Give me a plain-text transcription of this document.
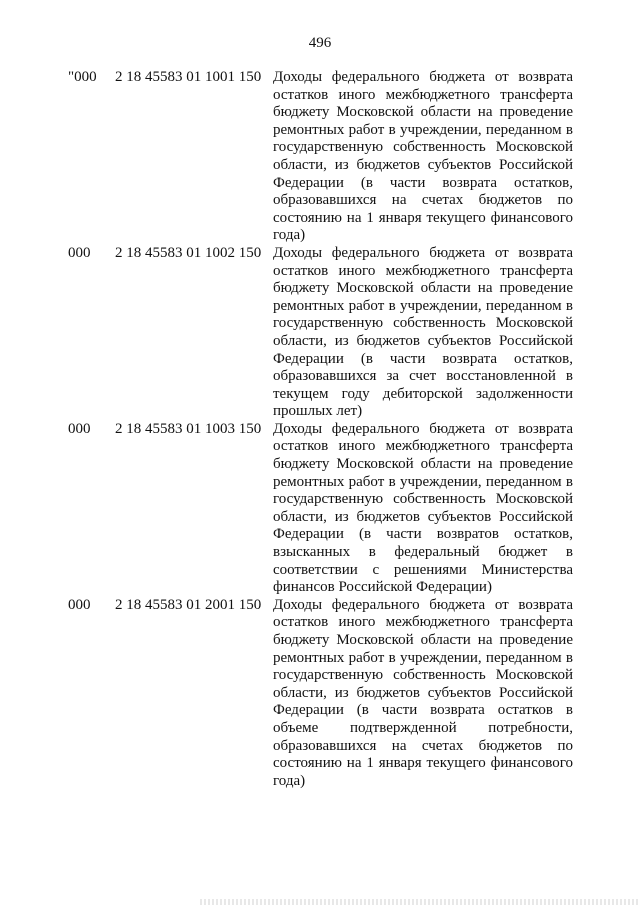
496
"000 2 18 45583 01 1001 150 Доходы федерального бюджета от возврата остатков иного межбюджетного трансферта бюджету Московской области на проведение ремонтных работ в учреждении, переданном в государственную собственность Московской области, из бюджетов субъектов Российской Федерации (в части возврата остатков, образовавшихся на счетах бюджетов по состоянию на 1 января текущего финансового года)
000 2 18 45583 01 1002 150 Доходы федерального бюджета от возврата остатков иного межбюджетного трансферта бюджету Московской области на проведение ремонтных работ в учреждении, переданном в государственную собственность Московской области, из бюджетов субъектов Российской Федерации (в части возврата остатков, образовавшихся за счет восстановленной в текущем году дебиторской задолженности прошлых лет)
000 2 18 45583 01 1003 150 Доходы федерального бюджета от возврата остатков иного межбюджетного трансферта бюджету Московской области на проведение ремонтных работ в учреждении, переданном в государственную собственность Московской области, из бюджетов субъектов Российской Федерации (в части возвратов остатков, взысканных в федеральный бюджет в соответствии с решениями Министерства финансов Российской Федерации)
000 2 18 45583 01 2001 150 Доходы федерального бюджета от возврата остатков иного межбюджетного трансферта бюджету Московской области на проведение ремонтных работ в учреждении, переданном в государственную собственность Московской области, из бюджетов субъектов Российской Федерации (в части возврата остатков в объеме подтвержденной потребности, образовавшихся на счетах бюджетов по состоянию на 1 января текущего финансового года)
